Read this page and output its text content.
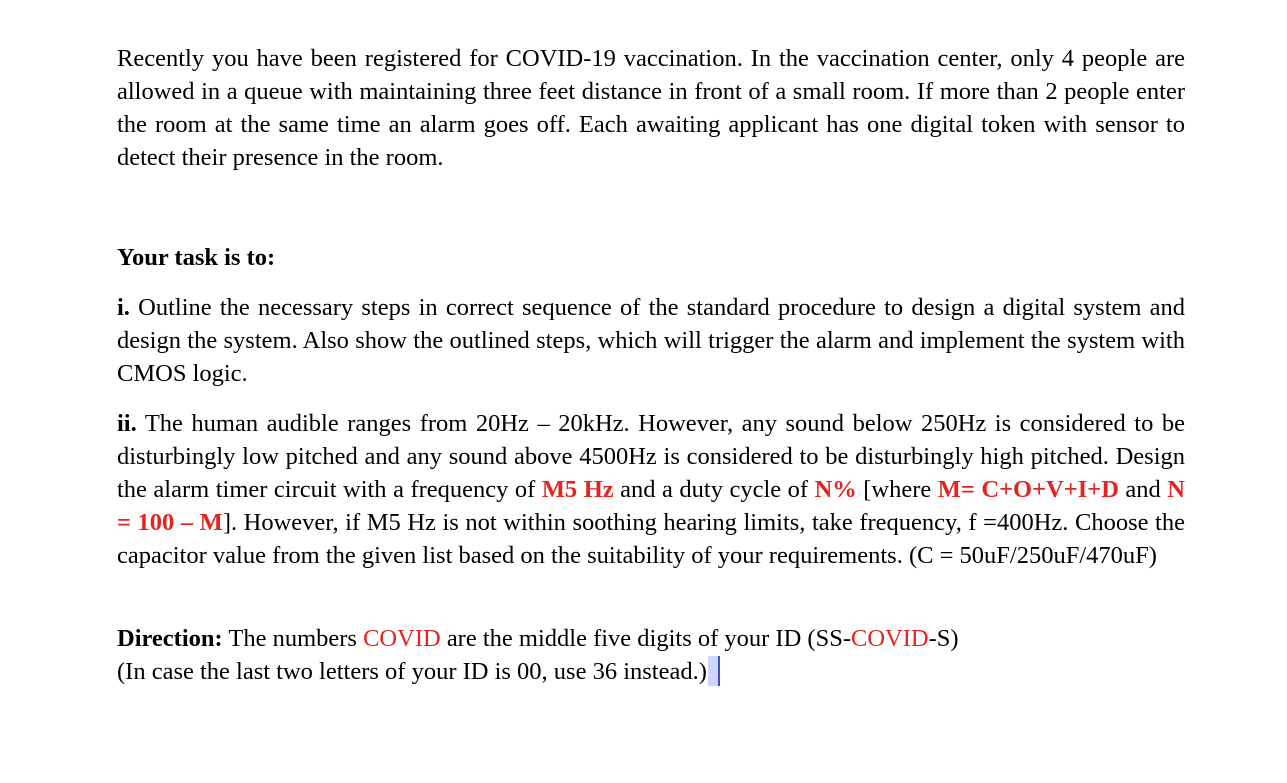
Recently you have been registered for COVID-19 vaccination. In the vaccination center, only 4 people are allowed in a queue with maintaining three feet distance in front of a small room. If more than 2 people enter the room at the same time an alarm goes off. Each awaiting applicant has one digital token with sensor to detect their presence in the room.

Your task is to:

i. Outline the necessary steps in correct sequence of the standard procedure to design a digital system and design the system. Also show the outlined steps, which will trigger the alarm and implement the system with CMOS logic.

ii. The human audible ranges from 20Hz – 20kHz. However, any sound below 250Hz is considered to be disturbingly low pitched and any sound above 4500Hz is considered to be disturbingly high pitched. Design the alarm timer circuit with a frequency of M5 Hz and a duty cycle of N% [where M= C+O+V+I+D and N = 100 – M]. However, if M5 Hz is not within soothing hearing limits, take frequency, f =400Hz. Choose the capacitor value from the given list based on the suitability of your requirements. (C = 50uF/250uF/470uF)

Direction: The numbers COVID are the middle five digits of your ID (SS-COVID-S)
(In case the last two letters of your ID is 00, use 36 instead.)
